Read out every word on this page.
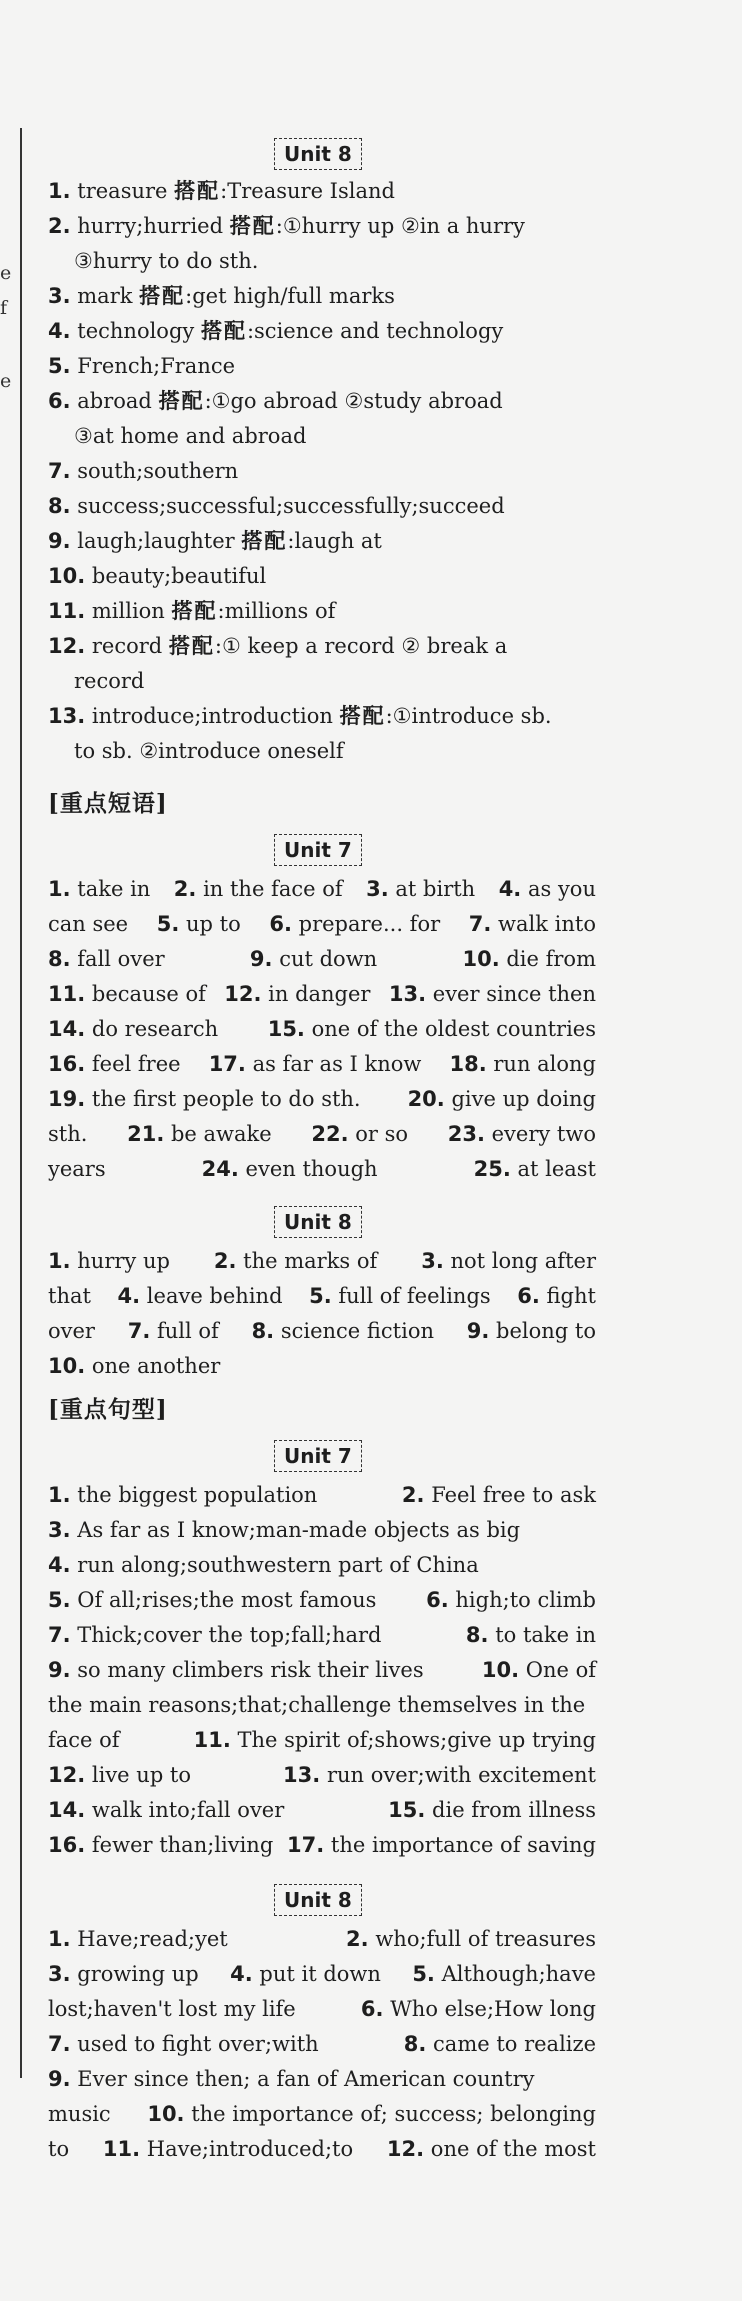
e
f
e
Unit 8
1. treasure 搭配:Treasure Island
2. hurry;hurried 搭配:①hurry up ②in a hurry
③hurry to do sth.
3. mark 搭配:get high/full marks
4. technology 搭配:science and technology
5. French;France
6. abroad 搭配:①go abroad ②study abroad
③at home and abroad
7. south;southern
8. success;successful;successfully;succeed
9. laugh;laughter 搭配:laugh at
10. beauty;beautiful
11. million 搭配:millions of
12. record 搭配:① keep a record ② break a
record
13. introduce;introduction 搭配:①introduce sb.
to sb. ②introduce oneself
[重点短语]
Unit 7
1. take in 2. in the face of 3. at birth 4. as you
can see 5. up to 6. prepare... for 7. walk into
8. fall over	9. cut down	10. die from
11. because of 12. in danger 13. ever since then
14. do research 15. one of the oldest countries
16. feel free 17. as far as I know 18. run along
19. the first people to do sth. 20. give up doing
sth. 21. be awake 22. or so 23. every two
years	24. even though	25. at least
Unit 8
1. hurry up 2. the marks of 3. not long after
that 4. leave behind 5. full of feelings 6. fight
over 7. full of 8. science fiction 9. belong to
10. one another
[重点句型]
Unit 7
1. the biggest population	2. Feel free to ask
3. As far as I know;man-made objects as big
4. run along;southwestern part of China
5. Of all;rises;the most famous 6. high;to climb
7. Thick;cover the top;fall;hard	8. to take in
9. so many climbers risk their lives	10. One of
the main reasons;that;challenge themselves in the
face of	11. The spirit of;shows;give up trying
12. live up to	13. run over;with excitement
14. walk into;fall over	15. die from illness
16. fewer than;living 17. the importance of saving
Unit 8
1. Have;read;yet	2. who;full of treasures
3. growing up 4. put it down 5. Although;have
lost;haven't lost my life	6. Who else;How long
7. used to fight over;with	8. came to realize
9. Ever since then; a fan of American country
music 10. the importance of; success; belonging
to 11. Have;introduced;to 12. one of the most
